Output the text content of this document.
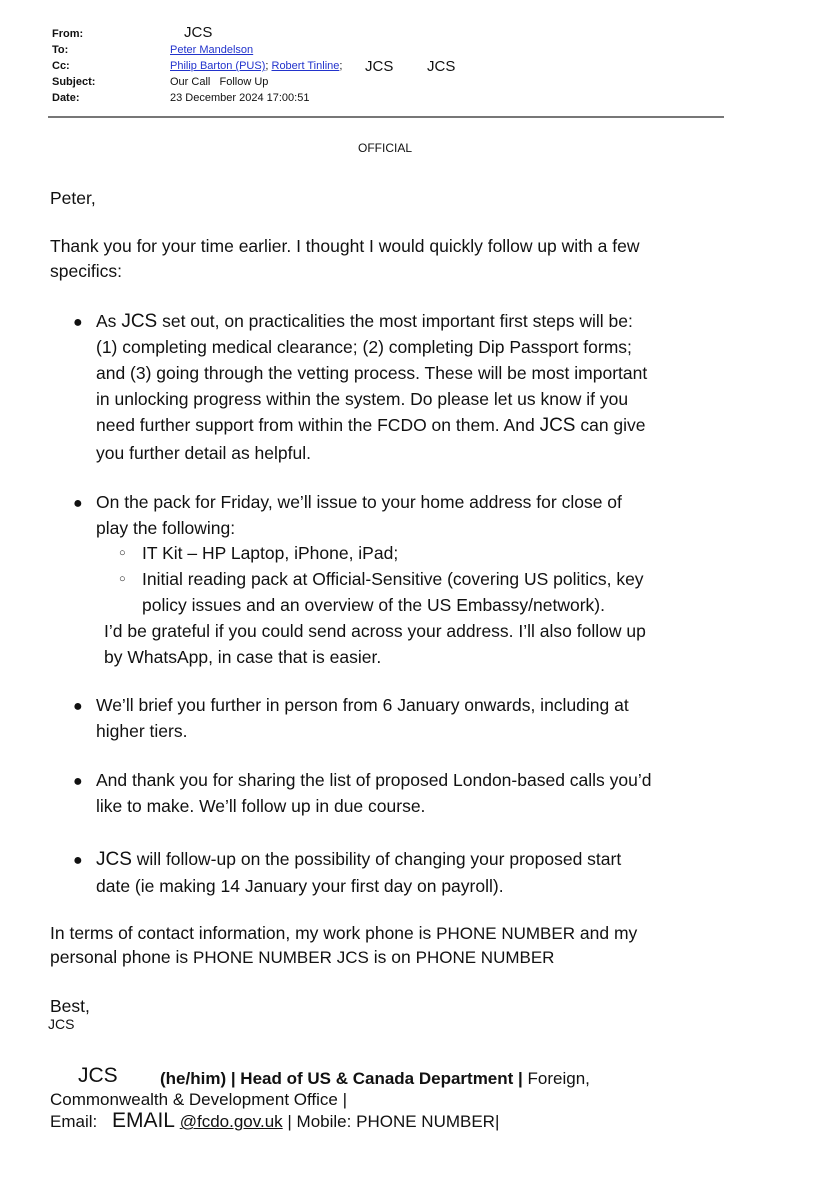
From:	JCS
To:	Peter Mandelson
Cc:	Philip Barton (PUS); Robert Tinline; JCS JCS
Subject:	Our Call   Follow Up
Date:	23 December 2024 17:00:51
OFFICIAL
Peter,
Thank you for your time earlier. I thought I would quickly follow up with a few
specifics:
● As JCS set out, on practicalities the most important first steps will be:
(1) completing medical clearance; (2) completing Dip Passport forms;
and (3) going through the vetting process. These will be most important
in unlocking progress within the system. Do please let us know if you
need further support from within the FCDO on them. And JCS can give
you further detail as helpful.
● On the pack for Friday, we’ll issue to your home address for close of
play the following:
○ IT Kit – HP Laptop, iPhone, iPad;
○ Initial reading pack at Official-Sensitive (covering US politics, key
policy issues and an overview of the US Embassy/network).
I’d be grateful if you could send across your address. I’ll also follow up
by WhatsApp, in case that is easier.
● We’ll brief you further in person from 6 January onwards, including at
higher tiers.
● And thank you for sharing the list of proposed London-based calls you’d
like to make. We’ll follow up in due course.
● JCS will follow-up on the possibility of changing your proposed start
date (ie making 14 January your first day on payroll).
In terms of contact information, my work phone is PHONE NUMBER and my
personal phone is PHONE NUMBER JCS is on PHONE NUMBER
Best,
JCS
JCS (he/him) | Head of US & Canada Department | Foreign,
Commonwealth & Development Office |
Email: EMAIL @fcdo.gov.uk | Mobile: PHONE NUMBER|
